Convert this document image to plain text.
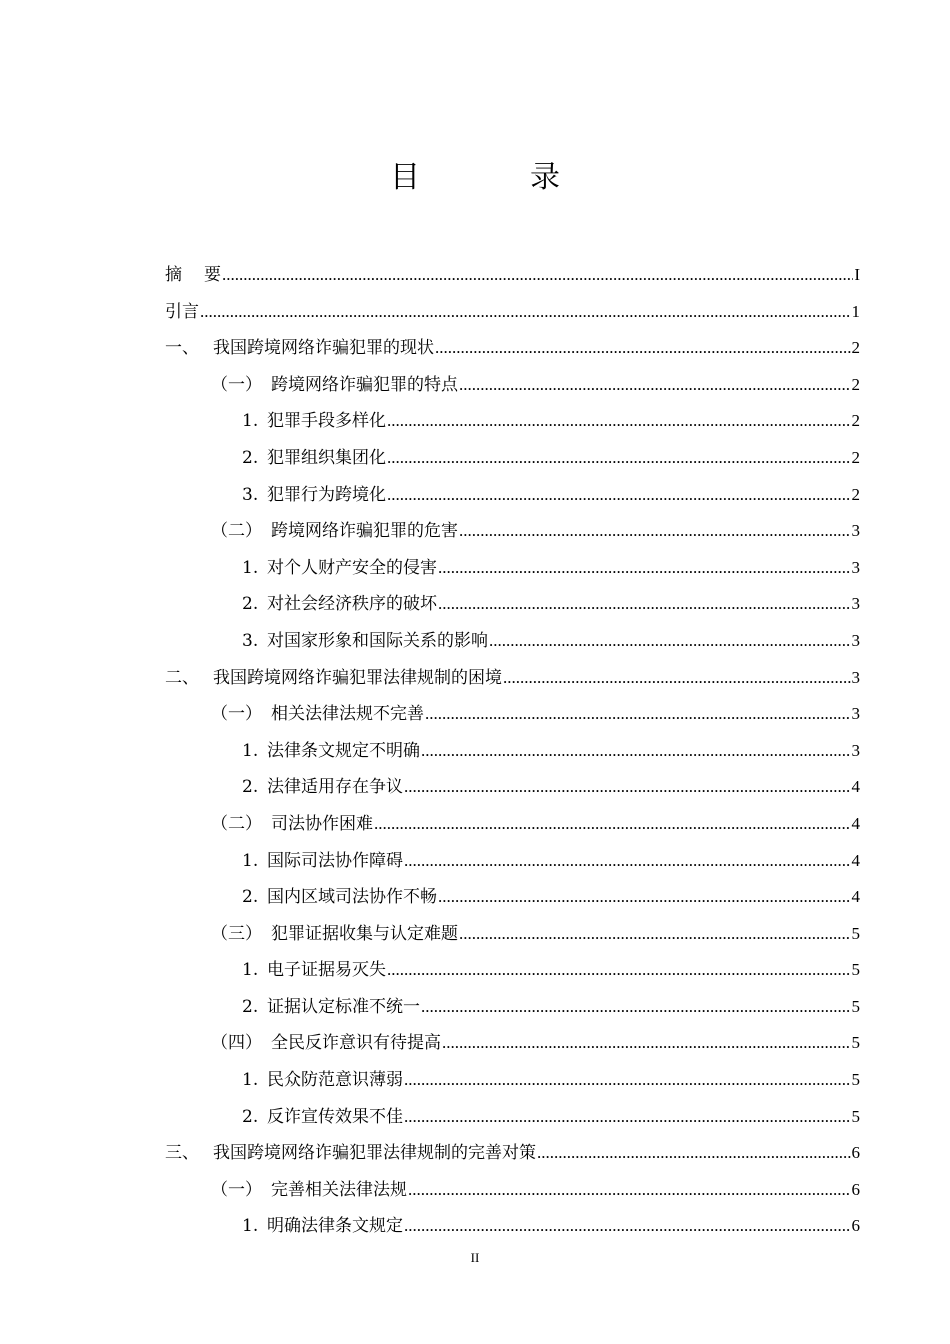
目　录
摘要 .....	I
引言 .....	1
一、 我国跨境网络诈骗犯罪的现状 .....	2
（一） 跨境网络诈骗犯罪的特点 .....	2
1. 犯罪手段多样化 .....	2
2. 犯罪组织集团化 .....	2
3. 犯罪行为跨境化 .....	2
（二） 跨境网络诈骗犯罪的危害 .....	3
1. 对个人财产安全的侵害 .....	3
2. 对社会经济秩序的破坏 .....	3
3. 对国家形象和国际关系的影响 .....	3
二、 我国跨境网络诈骗犯罪法律规制的困境 .....	3
（一） 相关法律法规不完善 .....	3
1. 法律条文规定不明确 .....	3
2. 法律适用存在争议 .....	4
（二） 司法协作困难 .....	4
1. 国际司法协作障碍 .....	4
2. 国内区域司法协作不畅 .....	4
（三） 犯罪证据收集与认定难题 .....	5
1. 电子证据易灭失 .....	5
2. 证据认定标准不统一 .....	5
（四） 全民反诈意识有待提高 .....	5
1. 民众防范意识薄弱 .....	5
2. 反诈宣传效果不佳 .....	5
三、 我国跨境网络诈骗犯罪法律规制的完善对策 .....	6
（一） 完善相关法律法规 .....	6
1. 明确法律条文规定 .....	6
II
